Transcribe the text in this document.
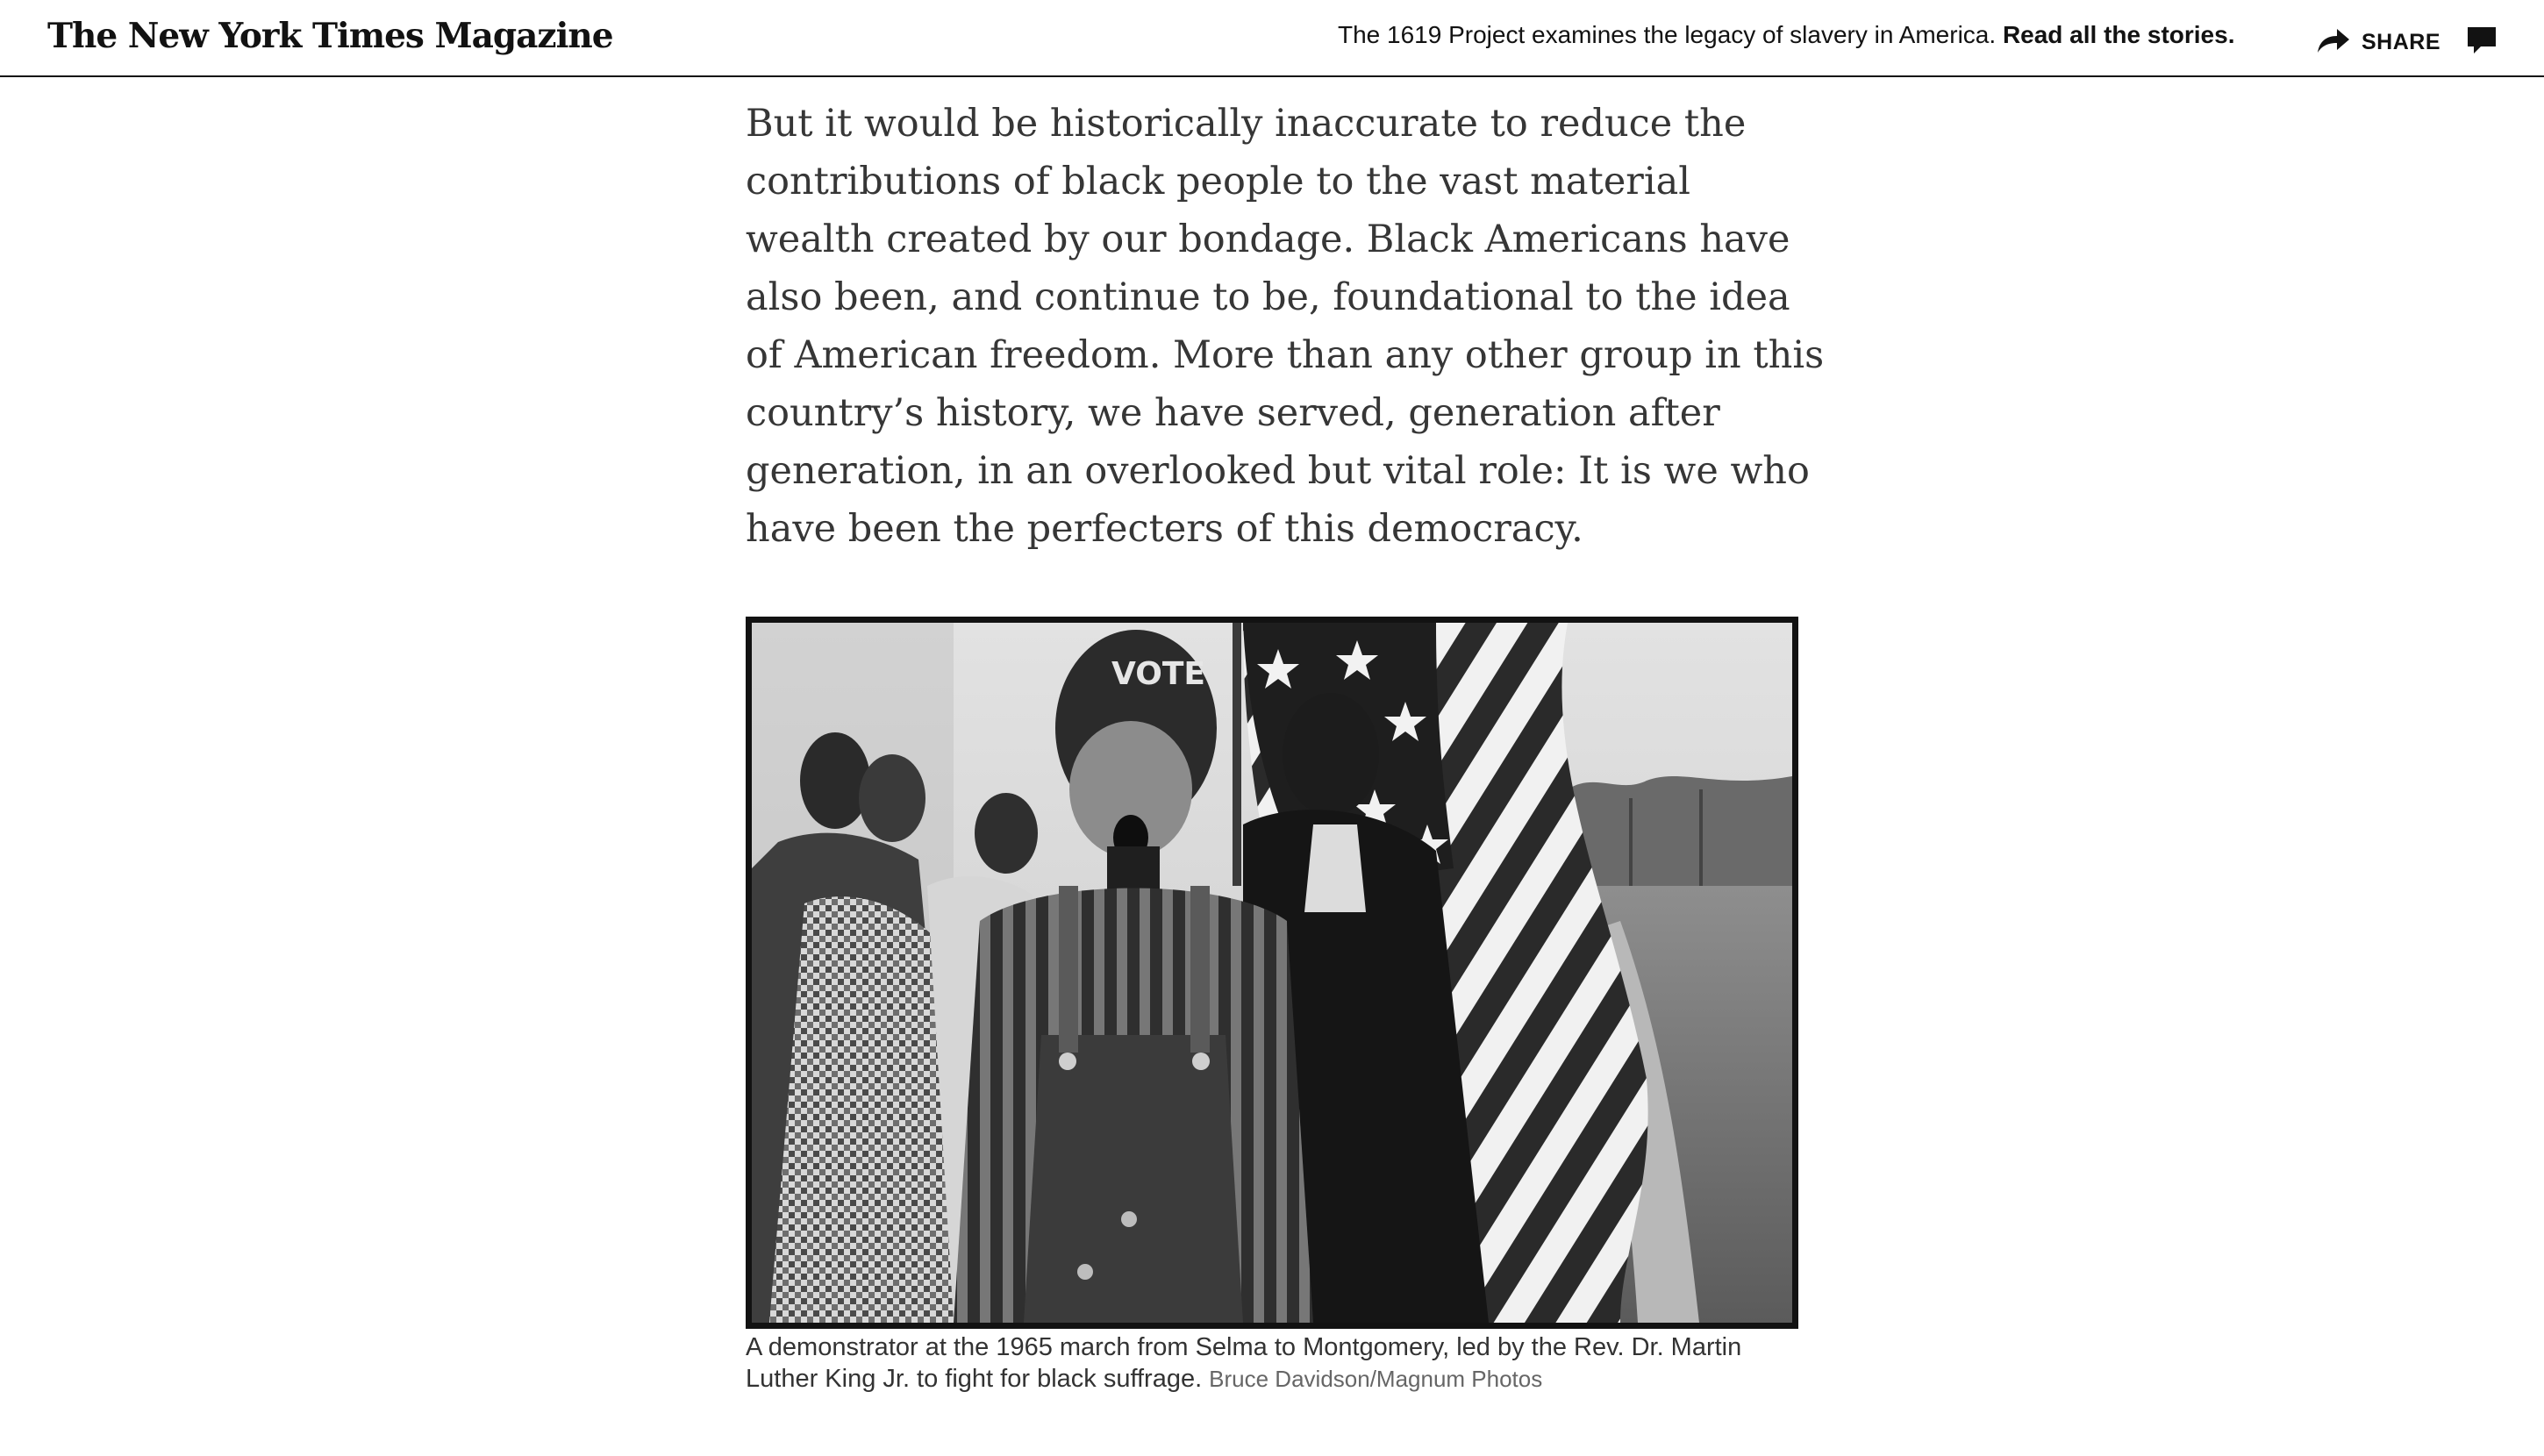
The New York Times Magazine	The 1619 Project examines the legacy of slavery in America. Read all the stories.	SHARE

But it would be historically inaccurate to reduce the contributions of black people to the vast material wealth created by our bondage. Black Americans have also been, and continue to be, foundational to the idea of American freedom. More than any other group in this country’s history, we have served, generation after generation, in an overlooked but vital role: It is we who have been the perfecters of this democracy.

VOTE
A demonstrator at the 1965 march from Selma to Montgomery, led by the Rev. Dr. Martin Luther King Jr. to fight for black suffrage. Bruce Davidson/Magnum Photos
